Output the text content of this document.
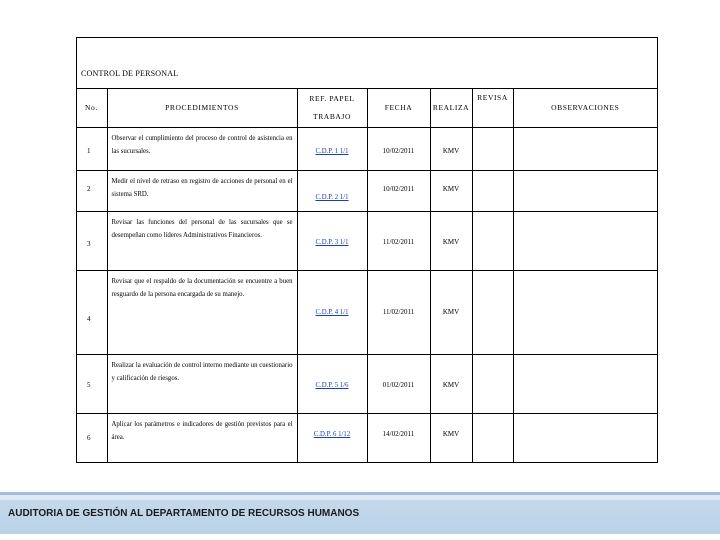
CONTROL DE PERSONAL
No.	PROCEDIMIENTOS	REF. PAPEL TRABAJO	FECHA	REALIZA	REVISA	OBSERVACIONES
1	Observar el cumplimiento del proceso de control de asistencia en las sucursales.	C.D.P. 1 1/1	10/02/2011	KMV		
2	Medir el nivel de retraso en registro de acciones de personal en el sistema SRD.	C.D.P. 2 1/1	10/02/2011	KMV		
3	Revisar las funciones del personal de las sucursales que se desempeñan como líderes Administrativos Financieros.	C.D.P. 3 1/1	11/02/2011	KMV		
4	Revisar que el respaldo de la documentación se encuentre a buen resguardo de la persona encargada de su manejo.	C.D.P. 4 1/1	11/02/2011	KMV		
5	Realizar la evaluación de control interno mediante un cuestionario y calificación de riesgos.	C.D.P. 5 1/6	01/02/2011	KMV		
6	Aplicar los parámetros e indicadores de gestión previstos para el área.	C.D.P. 6 1/12	14/02/2011	KMV		
AUDITORIA DE GESTIÓN AL DEPARTAMENTO DE RECURSOS HUMANOS
